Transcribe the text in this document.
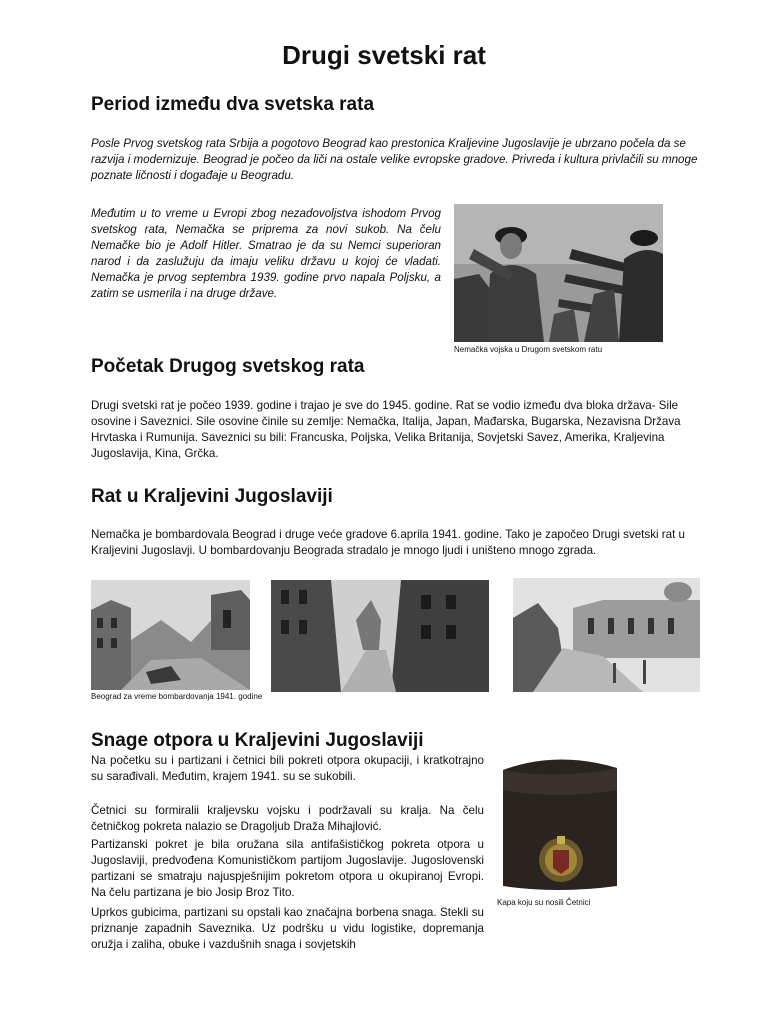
Drugi svetski rat
Period između dva svetska rata

Posle Prvog svetskog rata Srbija a pogotovo Beograd kao prestonica Kraljevine Jugoslavije je ubrzano počela da se razvija i modernizuje. Beograd je počeo da liči na ostale velike evropske gradove. Privreda i kultura privlačili su mnoge poznate ličnosti i događaje u Beogradu.

Međutim u to vreme u Evropi zbog nezadovoljstva ishodom Prvog svetskog rata, Nemačka se priprema za novi sukob. Na čelu Nemačke bio je Adolf Hitler. Smatrao je da su Nemci superioran narod i da zaslužuju da imaju veliku državu u kojoj će vladati. Nemačka je prvog septembra 1939. godine prvo napala Poljsku, a zatim se usmerila i na druge države.

Nemačka vojska u Drugom svetskom ratu

Početak Drugog svetskog rata

Drugi svetski rat je počeo 1939. godine i trajao je sve do 1945. godine. Rat se vodio između dva bloka država- Sile osovine i Saveznici. Sile osovine činile su zemlje: Nemačka, Italija, Japan, Mađarska, Bugarska, Nezavisna Država Hrvtaska i Rumunija. Saveznici su bili: Francuska, Poljska, Velika Britanija, Sovjetski Savez, Amerika, Kraljevina Jugoslavija, Kina, Grčka.

Rat u Kraljevini Jugoslaviji

Nemačka je bombardovala Beograd i druge veće gradove 6.aprila 1941. godine. Tako je započeo Drugi svetski rat u Kraljevini Jugoslavji. U bombardovanju Beograda stradalo je mnogo ljudi i uništeno mnogo zgrada.

Beograd za vreme bombardovanja 1941. godine

Snage otpora u Kraljevini Jugoslaviji

Na početku su i partizani i četnici bili pokreti otpora okupaciji, i kratkotrajno su sarađivali. Međutim, krajem 1941. su se sukobili.

Četnici su formiralii kraljevsku vojsku i podržavali su kralja. Na čelu četničkog pokreta nalazio se Dragoljub Draža Mihajlović.

Partizanski pokret je bila oružana sila antifašističkog pokreta otpora u Jugoslaviji, predvođena Komunističkom partijom Jugoslavije. Jugoslovenski partizani se smatraju najuspješnijim pokretom otpora u okupiranoj Evropi. Na čelu partizana je bio Josip Broz Tito.

Uprkos gubicima, partizani su opstali kao značajna borbena snaga. Stekli su priznanje zapadnih Saveznika. Uz podršku u vidu logistike, dopremanja oružja i zaliha, obuke i vazdušnih snaga i sovjetskih

Kapa koju su nosili Četnici
